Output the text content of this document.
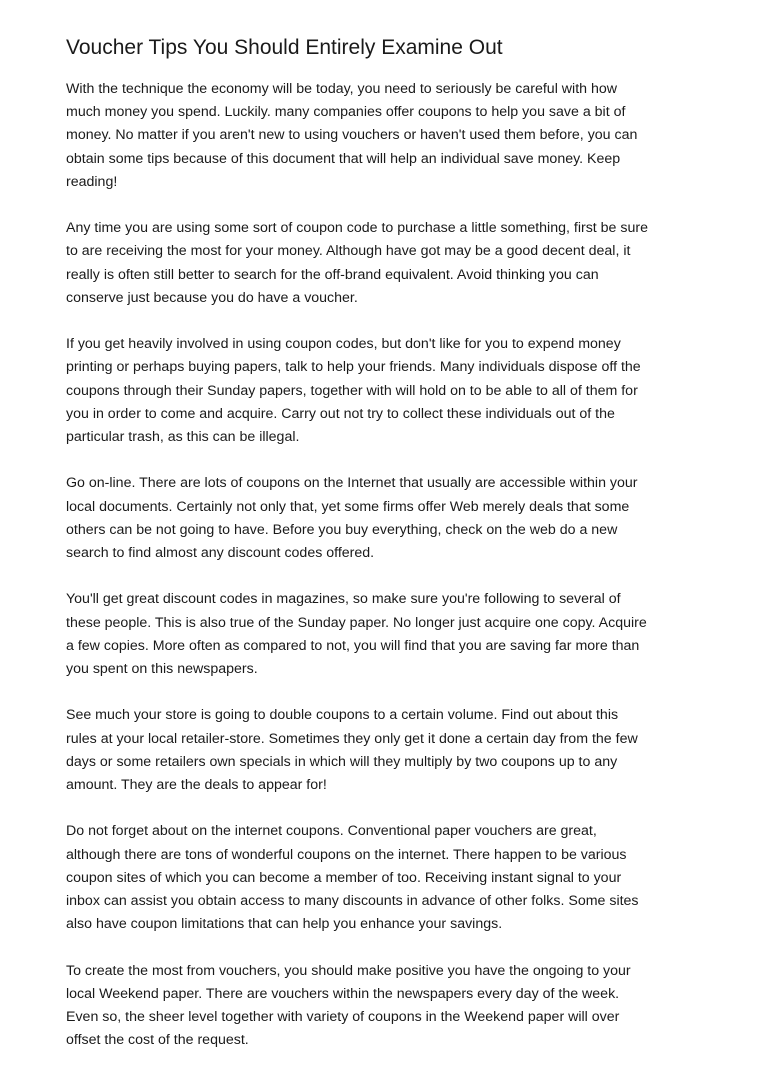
Voucher Tips You Should Entirely Examine Out

With the technique the economy will be today, you need to seriously be careful with how
much money you spend. Luckily. many companies offer coupons to help you save a bit of
money. No matter if you aren't new to using vouchers or haven't used them before, you can
obtain some tips because of this document that will help an individual save money. Keep
reading!

Any time you are using some sort of coupon code to purchase a little something, first be sure
to are receiving the most for your money. Although have got may be a good decent deal, it
really is often still better to search for the off-brand equivalent. Avoid thinking you can
conserve just because you do have a voucher.

If you get heavily involved in using coupon codes, but don't like for you to expend money
printing or perhaps buying papers, talk to help your friends. Many individuals dispose off the
coupons through their Sunday papers, together with will hold on to be able to all of them for
you in order to come and acquire. Carry out not try to collect these individuals out of the
particular trash, as this can be illegal.

Go on-line. There are lots of coupons on the Internet that usually are accessible within your
local documents. Certainly not only that, yet some firms offer Web merely deals that some
others can be not going to have. Before you buy everything, check on the web do a new
search to find almost any discount codes offered.

You'll get great discount codes in magazines, so make sure you're following to several of
these people. This is also true of the Sunday paper. No longer just acquire one copy. Acquire
a few copies. More often as compared to not, you will find that you are saving far more than
you spent on this newspapers.

See much your store is going to double coupons to a certain volume. Find out about this
rules at your local retailer-store. Sometimes they only get it done a certain day from the few
days or some retailers own specials in which will they multiply by two coupons up to any
amount. They are the deals to appear for!

Do not forget about on the internet coupons. Conventional paper vouchers are great,
although there are tons of wonderful coupons on the internet. There happen to be various
coupon sites of which you can become a member of too. Receiving instant signal to your
inbox can assist you obtain access to many discounts in advance of other folks. Some sites
also have coupon limitations that can help you enhance your savings.

To create the most from vouchers, you should make positive you have the ongoing to your
local Weekend paper. There are vouchers within the newspapers every day of the week.
Even so, the sheer level together with variety of coupons in the Weekend paper will over
offset the cost of the request.
